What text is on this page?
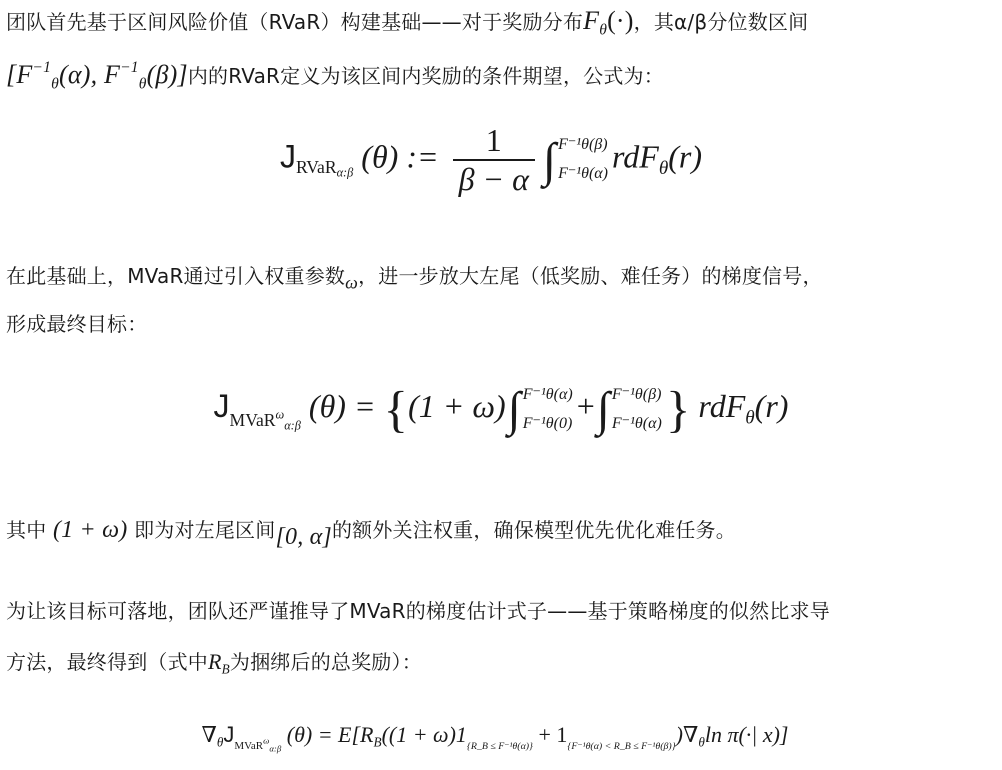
团队首先基于区间风险价值（RVaR）构建基础——对于奖励分布$F_\theta(\cdot)$，其α/β分位数区间
[$F^{-1}_\theta(\alpha)$, $F^{-1}_\theta(\beta)$]内的RVaR定义为该区间内奖励的条件期望，公式为：
JRVaR$_{\alpha:\beta}$ (θ) := $\frac{1}{\beta - \alpha}$ ∫ F⁻¹θ(β)
F⁻¹θ(α) rdF$_\theta$(r)
在此基础上，MVaR通过引入权重参数ω，进一步放大左尾（低奖励、难任务）的梯度信号，
形成最终目标：
$J_{MVaR\omega\alpha:\beta}$ (θ) = {(1 + ω)∫ F⁻¹θ(α)
F⁻¹θ(0) +∫ F⁻¹θ(β)
F⁻¹θ(α) } rdF$_\theta$(r)
其中 (1 + ω) 即为对左尾区间[0, α]的额外关注权重，确保模型优先优化难任务。
为让该目标可落地，团队还严谨推导了MVaR的梯度估计式子——基于策略梯度的似然比求导
方法，最终得到（式中$R_B$为捆绑后的总奖励）：
$\nabla_\theta J_{MVaR\omega\alpha:\beta}$ $(\theta) = E[R_B((1 + \omega)1_{\{R\_B \le F^{-1}\theta(\alpha)\}} + 1_{\{F^{-1}\theta(\alpha) < R\_B \le F^{-1}\theta(\beta)\}})\nabla_\theta\ln$ π(·| x)]
